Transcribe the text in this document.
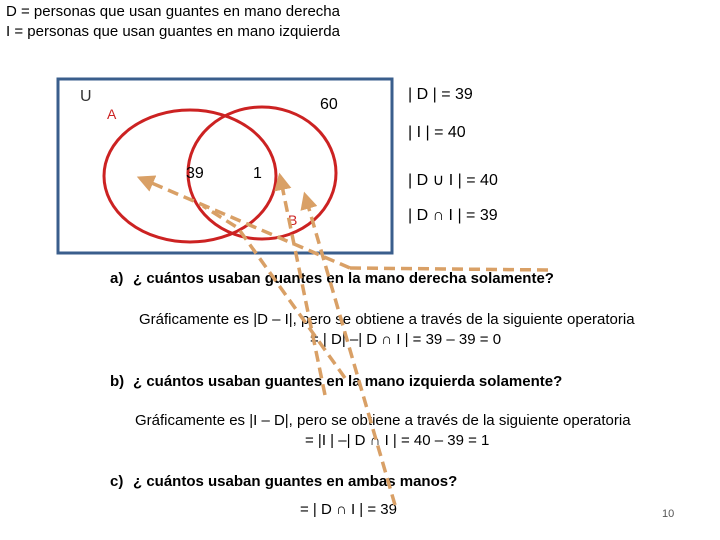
D = personas que usan guantes en mano derecha
I = personas que usan guantes en mano izquierda
U
A
60
39	1
B
| D | = 39
| I | = 40
| D ∪ I | = 40
| D ∩ I | = 39
a) ¿ cuántos usaban guantes en la mano derecha solamente?
Gráficamente es |D – I|, pero se obtiene a través de la siguiente operatoria
= | D| –| D ∩ I | = 39 – 39 = 0
b) ¿ cuántos usaban guantes en la mano izquierda solamente?
Gráficamente es |I – D|, pero se obtiene a través de la siguiente operatoria
= |I | –| D ∩ I | = 40 – 39 = 1
c) ¿ cuántos usaban guantes en ambas manos?
= | D ∩ I | = 39	10
